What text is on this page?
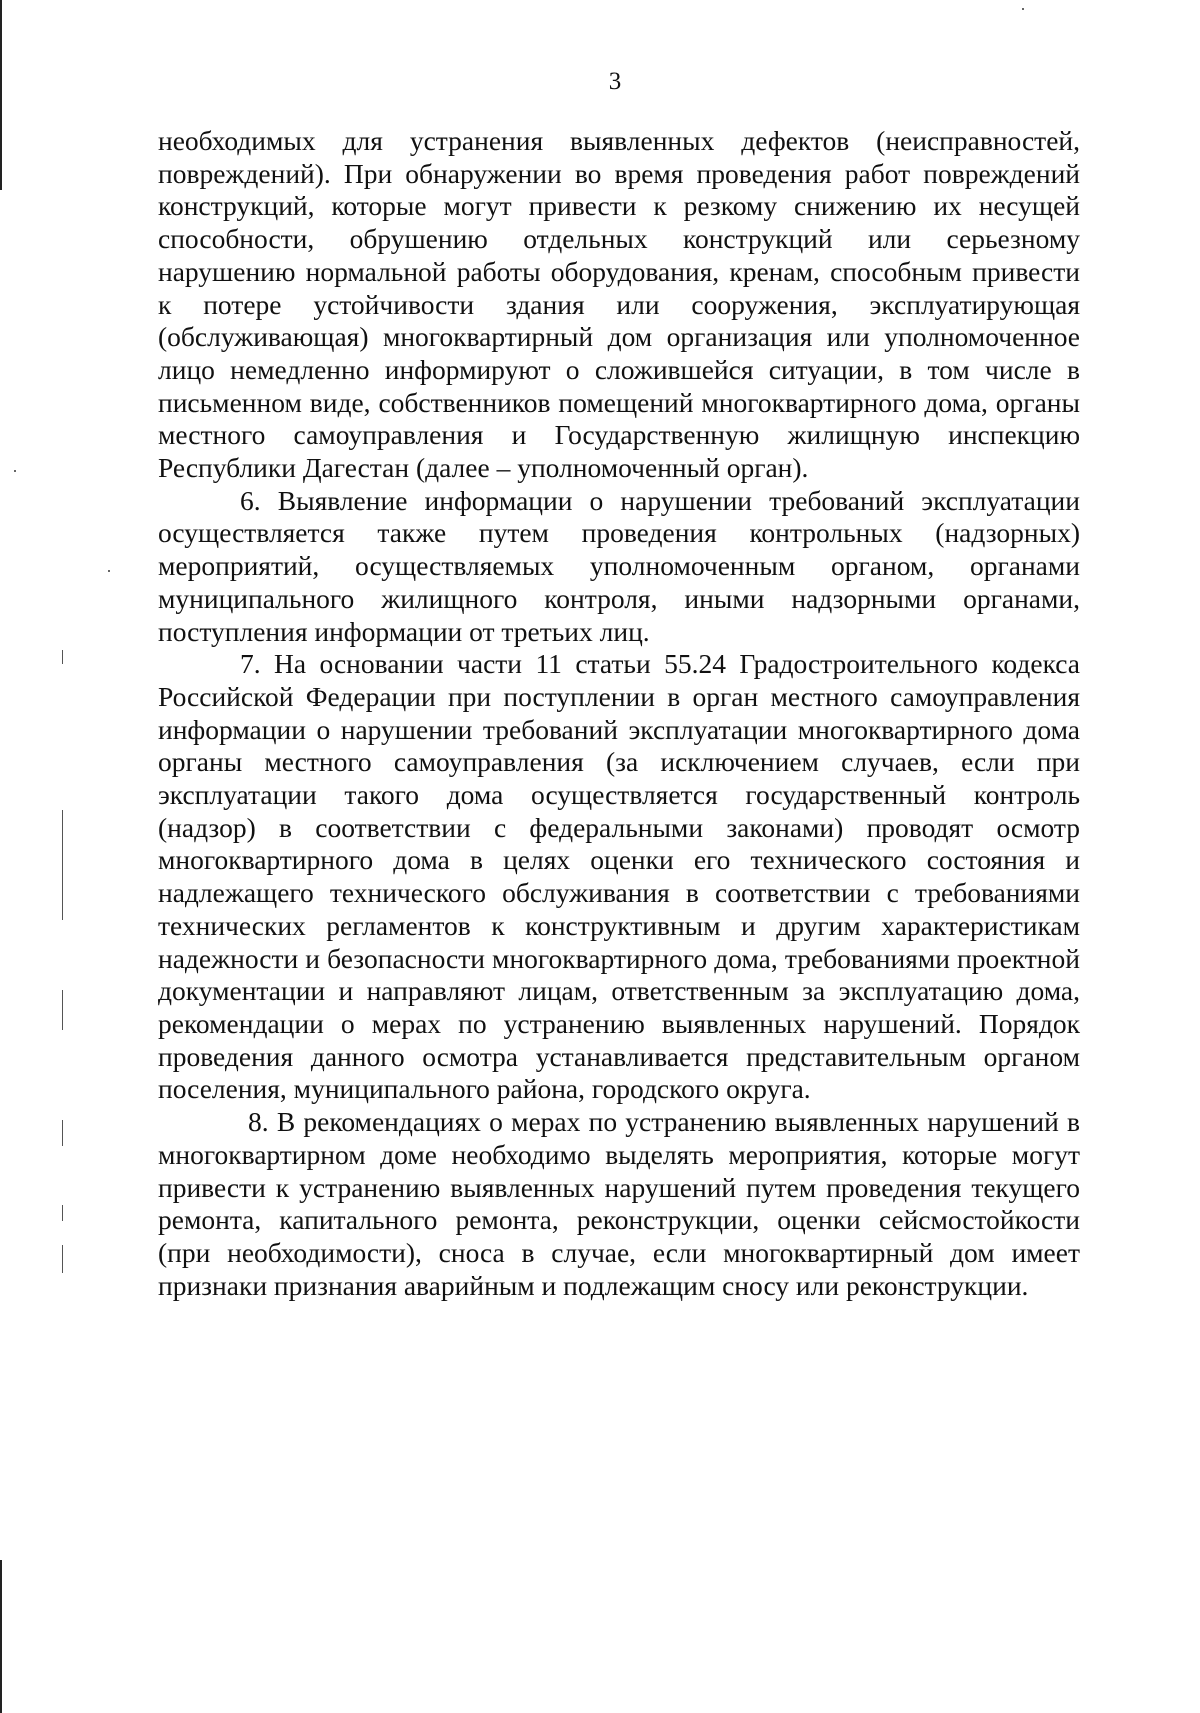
3

необходимых для устранения выявленных дефектов (неисправностей, повреждений). При обнаружении во время проведения работ повреждений конструкций, которые могут привести к резкому снижению их несущей способности, обрушению отдельных конструкций или серьезному нарушению нормальной работы оборудования, кренам, способным привести к потере устойчивости здания или сооружения, эксплуатирующая (обслуживающая) многоквартирный дом организация или уполномоченное лицо немедленно информируют о сложившейся ситуации, в том числе в письменном виде, собственников помещений многоквартирного дома, органы местного самоуправления и Государственную жилищную инспекцию Республики Дагестан (далее – уполномоченный орган).

6. Выявление информации о нарушении требований эксплуатации осуществляется также путем проведения контрольных (надзорных) мероприятий, осуществляемых уполномоченным органом, органами муниципального жилищного контроля, иными надзорными органами, поступления информации от третьих лиц.

7. На основании части 11 статьи 55.24 Градостроительного кодекса Российской Федерации при поступлении в орган местного самоуправления информации о нарушении требований эксплуатации многоквартирного дома органы местного самоуправления (за исключением случаев, если при эксплуатации такого дома осуществляется государственный контроль (надзор) в соответствии с федеральными законами) проводят осмотр многоквартирного дома в целях оценки его технического состояния и надлежащего технического обслуживания в соответствии с требованиями технических регламентов к конструктивным и другим характеристикам надежности и безопасности многоквартирного дома, требованиями проектной документации и направляют лицам, ответственным за эксплуатацию дома, рекомендации о мерах по устранению выявленных нарушений. Порядок проведения данного осмотра устанавливается представительным органом поселения, муниципального района, городского округа.

8. В рекомендациях о мерах по устранению выявленных нарушений в многоквартирном доме необходимо выделять мероприятия, которые могут привести к устранению выявленных нарушений путем проведения текущего ремонта, капитального ремонта, реконструкции, оценки сейсмостойкости (при необходимости), сноса в случае, если многоквартирный дом имеет признаки признания аварийным и подлежащим сносу или реконструкции.
